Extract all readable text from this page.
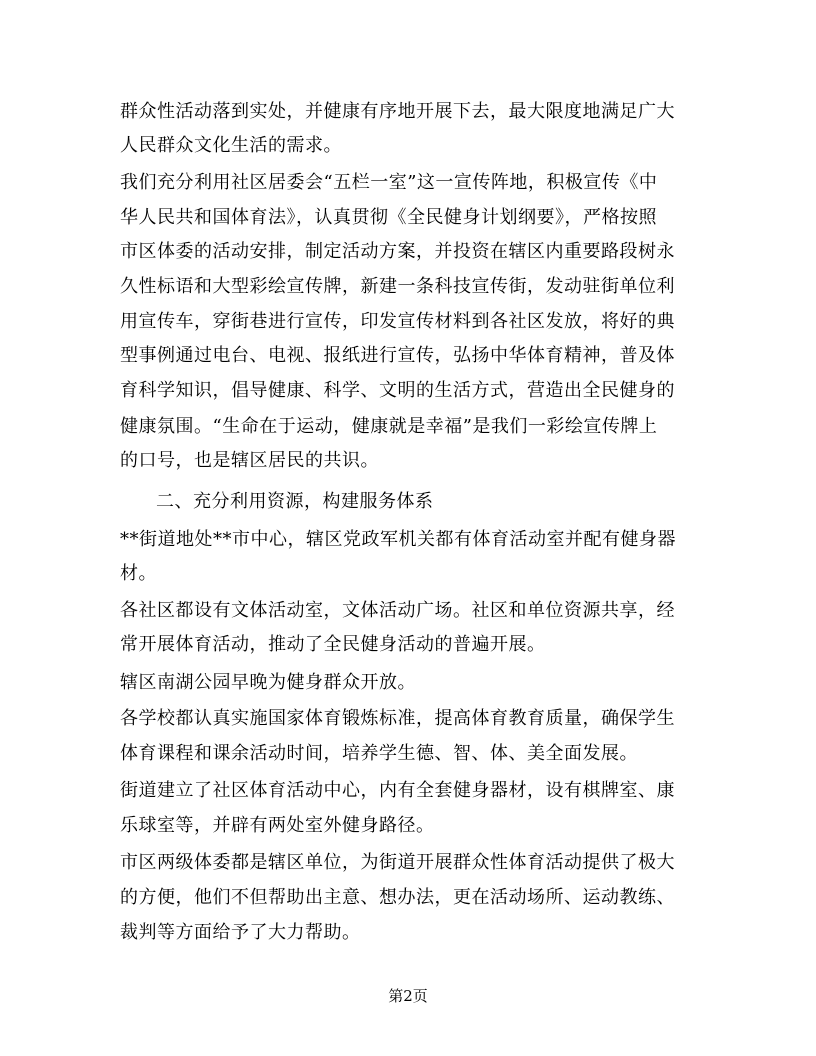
群众性活动落到实处，并健康有序地开展下去，最大限度地满足广大

人民群众文化生活的需求。

我们充分利用社区居委会“五栏一室”这一宣传阵地，积极宣传《中

华人民共和国体育法》，认真贯彻《全民健身计划纲要》，严格按照

市区体委的活动安排，制定活动方案，并投资在辖区内重要路段树永

久性标语和大型彩绘宣传牌，新建一条科技宣传街，发动驻街单位利

用宣传车，穿街巷进行宣传，印发宣传材料到各社区发放，将好的典

型事例通过电台、电视、报纸进行宣传，弘扬中华体育精神，普及体

育科学知识，倡导健康、科学、文明的生活方式，营造出全民健身的

健康氛围。“生命在于运动，健康就是幸福”是我们一彩绘宣传牌上

的口号，也是辖区居民的共识。

二、充分利用资源，构建服务体系

**街道地处**市中心，辖区党政军机关都有体育活动室并配有健身器

材。

各社区都设有文体活动室，文体活动广场。社区和单位资源共享，经

常开展体育活动，推动了全民健身活动的普遍开展。

辖区南湖公园早晚为健身群众开放。

各学校都认真实施国家体育锻炼标准，提高体育教育质量，确保学生

体育课程和课余活动时间，培养学生德、智、体、美全面发展。

街道建立了社区体育活动中心，内有全套健身器材，设有棋牌室、康

乐球室等，并辟有两处室外健身路径。

市区两级体委都是辖区单位，为街道开展群众性体育活动提供了极大

的方便，他们不但帮助出主意、想办法，更在活动场所、运动教练、

裁判等方面给予了大力帮助。

第2页
